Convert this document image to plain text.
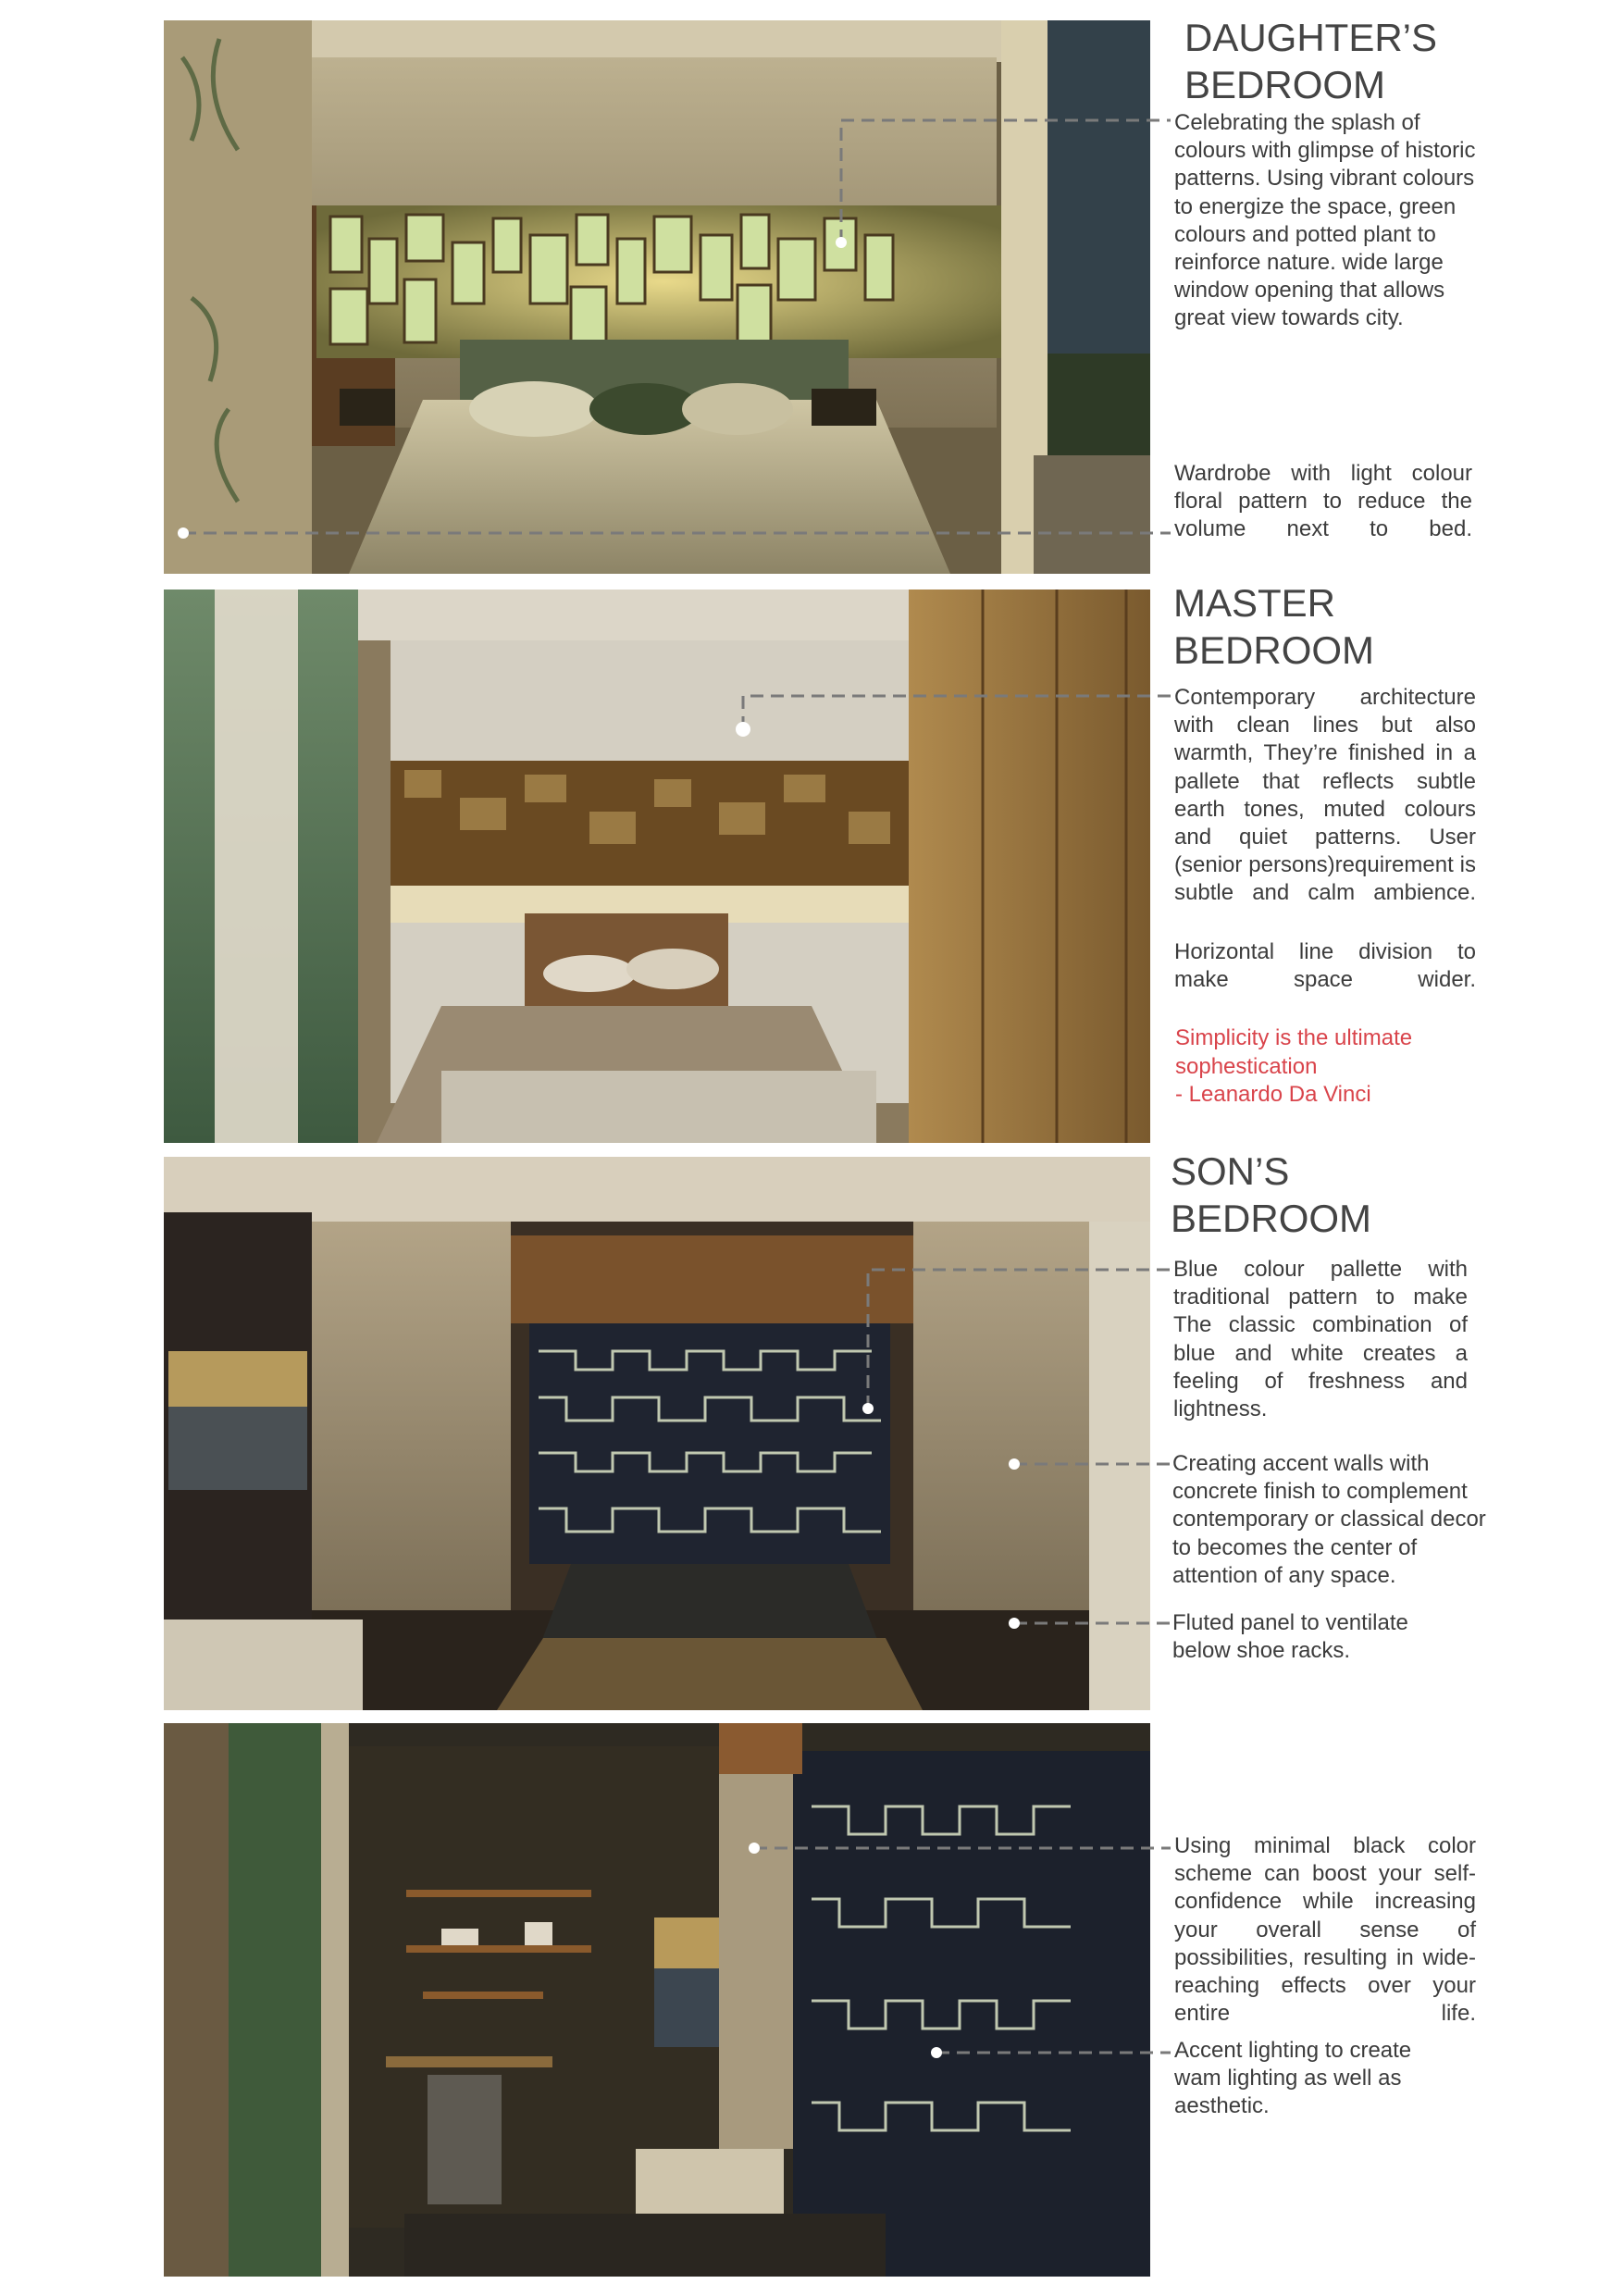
DAUGHTER’S
BEDROOM

Celebrating the splash of colours with glimpse of historic patterns. Using vibrant colours to energize the space, green colours and potted plant to reinforce nature. wide large window opening that allows great view towards city.

Wardrobe with light colour floral pattern to reduce the volume next to bed.

MASTER
BEDROOM

Contemporary architecture with clean lines but also warmth, They’re finished in a pallete that reflects subtle earth tones, muted colours and quiet patterns. User (senior persons)requirement is subtle and calm ambience.

Horizontal line division to make space wider.

Simplicity is the ultimate
sophestication
- Leanardo Da Vinci

SON’S
BEDROOM

Blue colour pallette with traditional pattern to make The classic combination of blue and white creates a feeling of freshness and lightness.

Creating accent walls with concrete finish to complement contemporary or classical decor to becomes the center of attention of any space.

Fluted panel to ventilate below shoe racks.

Using minimal black color scheme can boost your self-confidence while increasing your overall sense of possibilities, resulting in wide-reaching effects over your entire life.

Accent lighting to create wam lighting as well as aesthetic.
